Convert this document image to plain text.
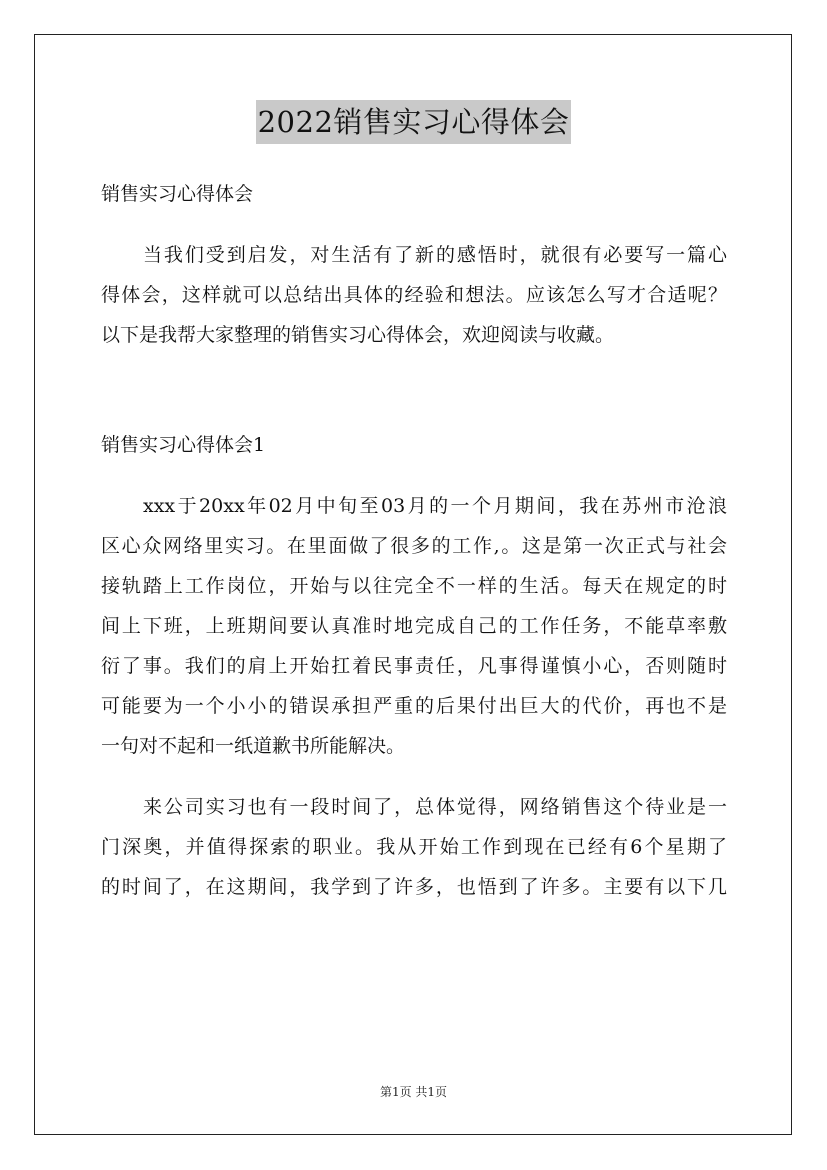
2022销售实习心得体会
销售实习心得体会
当我们受到启发，对生活有了新的感悟时，就很有必要写一篇心
得体会，这样就可以总结出具体的经验和想法。应该怎么写才合适呢？
以下是我帮大家整理的销售实习心得体会，欢迎阅读与收藏。
销售实习心得体会1
xxx于20xx年02月中旬至03月的一个月期间，我在苏州市沧浪
区心众网络里实习。在里面做了很多的工作,。这是第一次正式与社会
接轨踏上工作岗位，开始与以往完全不一样的生活。每天在规定的时
间上下班，上班期间要认真准时地完成自己的工作任务，不能草率敷
衍了事。我们的肩上开始扛着民事责任，凡事得谨慎小心，否则随时
可能要为一个小小的错误承担严重的后果付出巨大的代价，再也不是
一句对不起和一纸道歉书所能解决。
来公司实习也有一段时间了，总体觉得，网络销售这个待业是一
门深奥，并值得探索的职业。我从开始工作到现在已经有6个星期了
的时间了，在这期间，我学到了许多，也悟到了许多。主要有以下几
第1页 共1页
